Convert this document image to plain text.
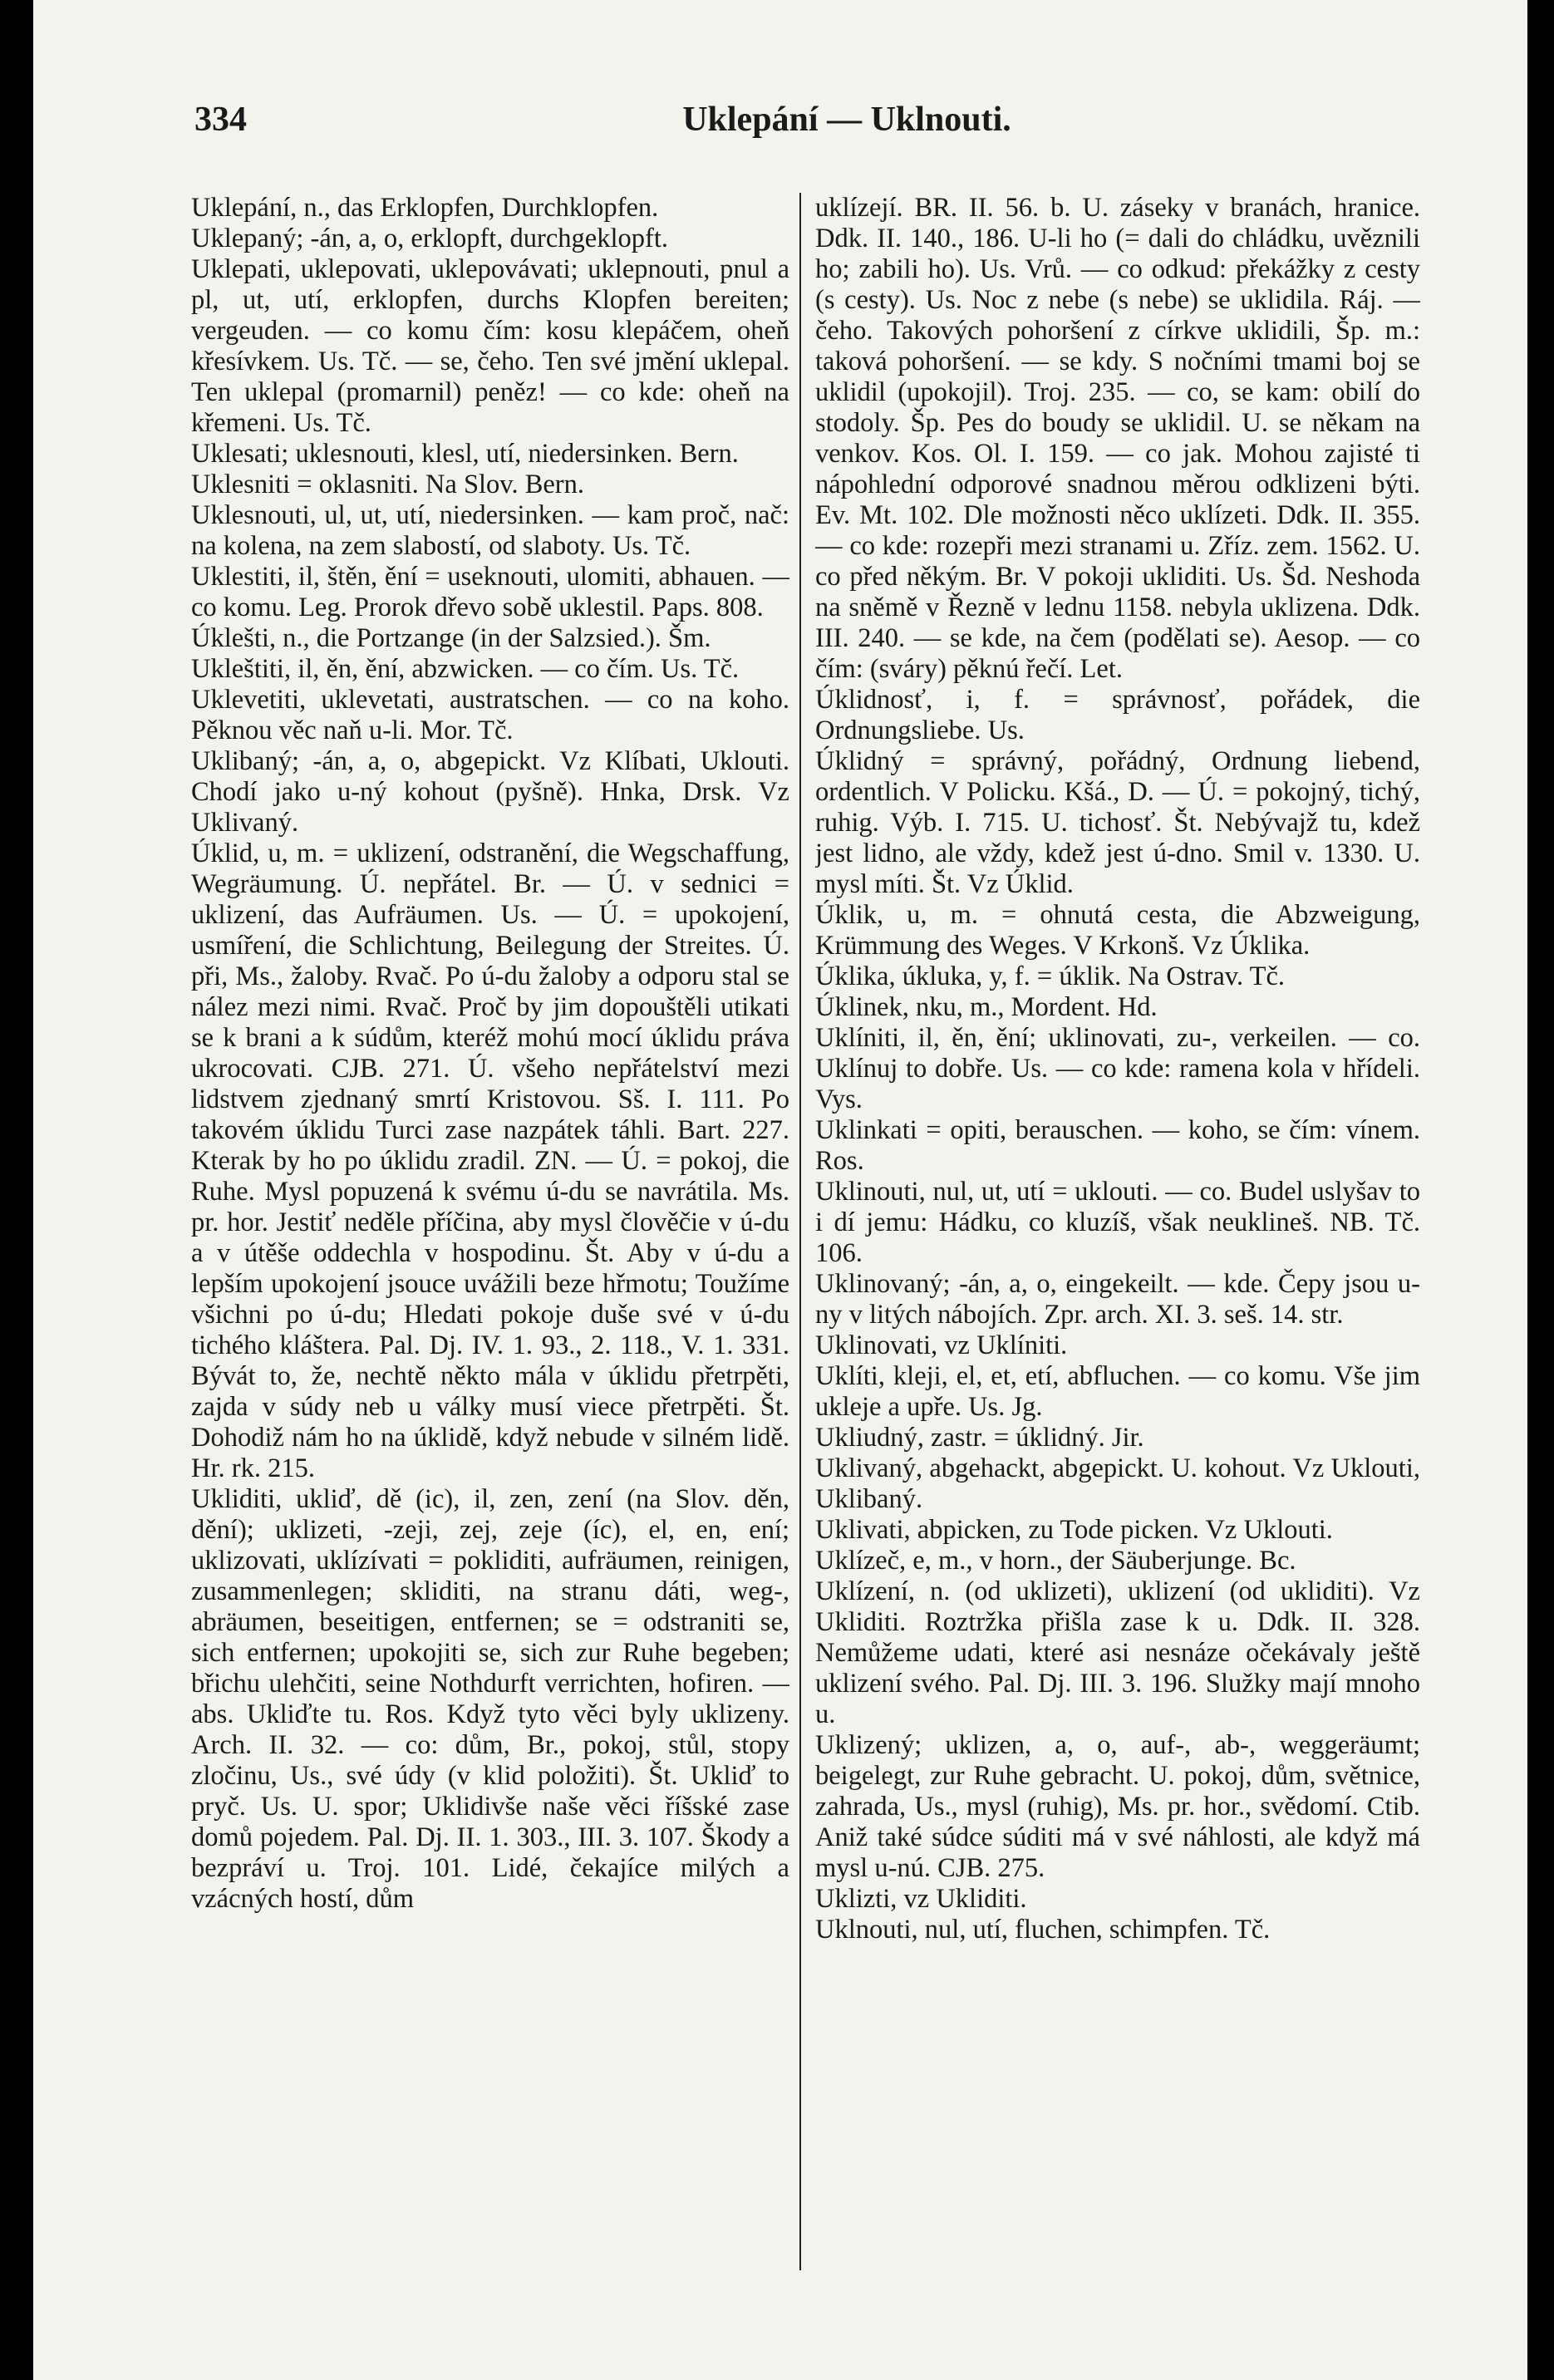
334	Uklepání — Uklnouti.

Uklepání, n., das Erklopfen, Durchklopfen.

Uklepaný; -án, a, o, erklopft, durchgeklopft.

Uklepati, uklepovati, uklepovávati; uklepnouti, pnul a pl, ut, utí, erklopfen, durchs Klopfen bereiten; vergeuden. — co komu čím: kosu klepáčem, oheň křesívkem. Us. Tč. — se, čeho. Ten své jmění uklepal. Ten uklepal (promarnil) peněz! — co kde: oheň na křemeni. Us. Tč.

Uklesati; uklesnouti, klesl, utí, niedersinken. Bern.

Uklesniti = oklasniti. Na Slov. Bern.

Uklesnouti, ul, ut, utí, niedersinken. — kam proč, nač: na kolena, na zem slabostí, od slaboty. Us. Tč.

Uklestiti, il, štěn, ění = useknouti, ulomiti, abhauen. — co komu. Leg. Prorok dřevo sobě uklestil. Paps. 808.

Úklešti, n., die Portzange (in der Salzsied.). Šm.

Ukleštiti, il, ěn, ění, abzwicken. — co čím. Us. Tč.

Uklevetiti, uklevetati, austratschen. — co na koho. Pěknou věc naň u-li. Mor. Tč.

Uklibaný; -án, a, o, abgepickt. Vz Klíbati, Uklouti. Chodí jako u-ný kohout (pyšně). Hnka, Drsk. Vz Uklivaný.

Úklid, u, m. = uklizení, odstranění, die Wegschaffung, Wegräumung. Ú. nepřátel. Br. — Ú. v sednici = uklizení, das Aufräumen. Us. — Ú. = upokojení, usmíření, die Schlichtung, Beilegung der Streites. Ú. při, Ms., žaloby. Rvač. Po ú-du žaloby a odporu stal se nález mezi nimi. Rvač. Proč by jim dopouštěli utikati se k brani a k súdům, kteréž mohú mocí úklidu práva ukrocovati. CJB. 271. Ú. všeho nepřátelství mezi lidstvem zjednaný smrtí Kristovou. Sš. I. 111. Po takovém úklidu Turci zase nazpátek táhli. Bart. 227. Kterak by ho po úklidu zradil. ZN. — Ú. = pokoj, die Ruhe. Mysl popuzená k svému ú-du se navrátila. Ms. pr. hor. Jestiť neděle příčina, aby mysl člověčie v ú-du a v útěše oddechla v hospodinu. Št. Aby v ú-du a lepším upokojení jsouce uvážili beze hřmotu; Toužíme všichni po ú-du; Hledati pokoje duše své v ú-du tichého kláštera. Pal. Dj. IV. 1. 93., 2. 118., V. 1. 331. Bývát to, že, nechtě někto mála v úklidu přetrpěti, zajda v súdy neb u války musí viece přetrpěti. Št. Dohodiž nám ho na úklidě, když nebude v silném lidě. Hr. rk. 215.

Ukliditi, ukliď, dě (ic), il, zen, zení (na Slov. děn, dění); uklizeti, -zeji, zej, zeje (íc), el, en, ení; uklizovati, uklízívati = pokliditi, aufräumen, reinigen, zusammenlegen; skliditi, na stranu dáti, weg-, abräumen, beseitigen, entfernen; se = odstraniti se, sich entfernen; upokojiti se, sich zur Ruhe begeben; břichu ulehčiti, seine Nothdurft verrichten, hofiren. — abs. Ukliďte tu. Ros. Když tyto věci byly uklizeny. Arch. II. 32. — co: dům, Br., pokoj, stůl, stopy zločinu, Us., své údy (v klid položiti). Št. Ukliď to pryč. Us. U. spor; Uklidivše naše věci říšské zase domů pojedem. Pal. Dj. II. 1. 303., III. 3. 107. Škody a bezpráví u. Troj. 101. Lidé, čekajíce milých a vzácných hostí, dům

uklízejí. BR. II. 56. b. U. záseky v branách, hranice. Ddk. II. 140., 186. U-li ho (= dali do chládku, uvěznili ho; zabili ho). Us. Vrů. — co odkud: překážky z cesty (s cesty). Us. Noc z nebe (s nebe) se uklidila. Ráj. — čeho. Takových pohoršení z církve uklidili, Šp. m.: taková pohoršení. — se kdy. S nočními tmami boj se uklidil (upokojil). Troj. 235. — co, se kam: obilí do stodoly. Šp. Pes do boudy se uklidil. U. se někam na venkov. Kos. Ol. I. 159. — co jak. Mohou zajisté ti nápohlední odporové snadnou měrou odklizeni býti. Ev. Mt. 102. Dle možnosti něco uklízeti. Ddk. II. 355. — co kde: rozepři mezi stranami u. Zříz. zem. 1562. U. co před někým. Br. V pokoji ukliditi. Us. Šd. Neshoda na sněmě v Řezně v lednu 1158. nebyla uklizena. Ddk. III. 240. — se kde, na čem (podělati se). Aesop. — co čím: (sváry) pěknú řečí. Let.

Úklidnosť, i, f. = správnosť, pořádek, die Ordnungsliebe. Us.

Úklidný = správný, pořádný, Ordnung liebend, ordentlich. V Policku. Kšá., D. — Ú. = pokojný, tichý, ruhig. Výb. I. 715. U. tichosť. Št. Nebývajž tu, kdež jest lidno, ale vždy, kdež jest ú-dno. Smil v. 1330. U. mysl míti. Št. Vz Úklid.

Úklik, u, m. = ohnutá cesta, die Abzweigung, Krümmung des Weges. V Krkonš. Vz Úklika.

Úklika, úkluka, y, f. = úklik. Na Ostrav. Tč.

Úklinek, nku, m., Mordent. Hd.

Uklíniti, il, ěn, ění; uklinovati, zu-, verkeilen. — co. Uklínuj to dobře. Us. — co kde: ramena kola v hřídeli. Vys.

Uklinkati = opiti, berauschen. — koho, se čím: vínem. Ros.

Uklinouti, nul, ut, utí = uklouti. — co. Budel uslyšav to i dí jemu: Hádku, co kluzíš, však neuklineš. NB. Tč. 106.

Uklinovaný; -án, a, o, eingekeilt. — kde. Čepy jsou u-ny v litých nábojích. Zpr. arch. XI. 3. seš. 14. str.

Uklinovati, vz Uklíniti.

Uklíti, kleji, el, et, etí, abfluchen. — co komu. Vše jim ukleje a upře. Us. Jg.

Ukliudný, zastr. = úklidný. Jir.

Uklivaný, abgehackt, abgepickt. U. kohout. Vz Uklouti, Uklibaný.

Uklivati, abpicken, zu Tode picken. Vz Uklouti.

Uklízeč, e, m., v horn., der Säuberjunge. Bc.

Uklízení, n. (od uklizeti), uklizení (od ukliditi). Vz Ukliditi. Roztržka přišla zase k u. Ddk. II. 328. Nemůžeme udati, které asi nesnáze očekávaly ještě uklizení svého. Pal. Dj. III. 3. 196. Služky mají mnoho u.

Uklizený; uklizen, a, o, auf-, ab-, weggeräumt; beigelegt, zur Ruhe gebracht. U. pokoj, dům, světnice, zahrada, Us., mysl (ruhig), Ms. pr. hor., svědomí. Ctib. Aniž také súdce súditi má v své náhlosti, ale když má mysl u-nú. CJB. 275.

Uklizti, vz Ukliditi.

Uklnouti, nul, utí, fluchen, schimpfen. Tč.
